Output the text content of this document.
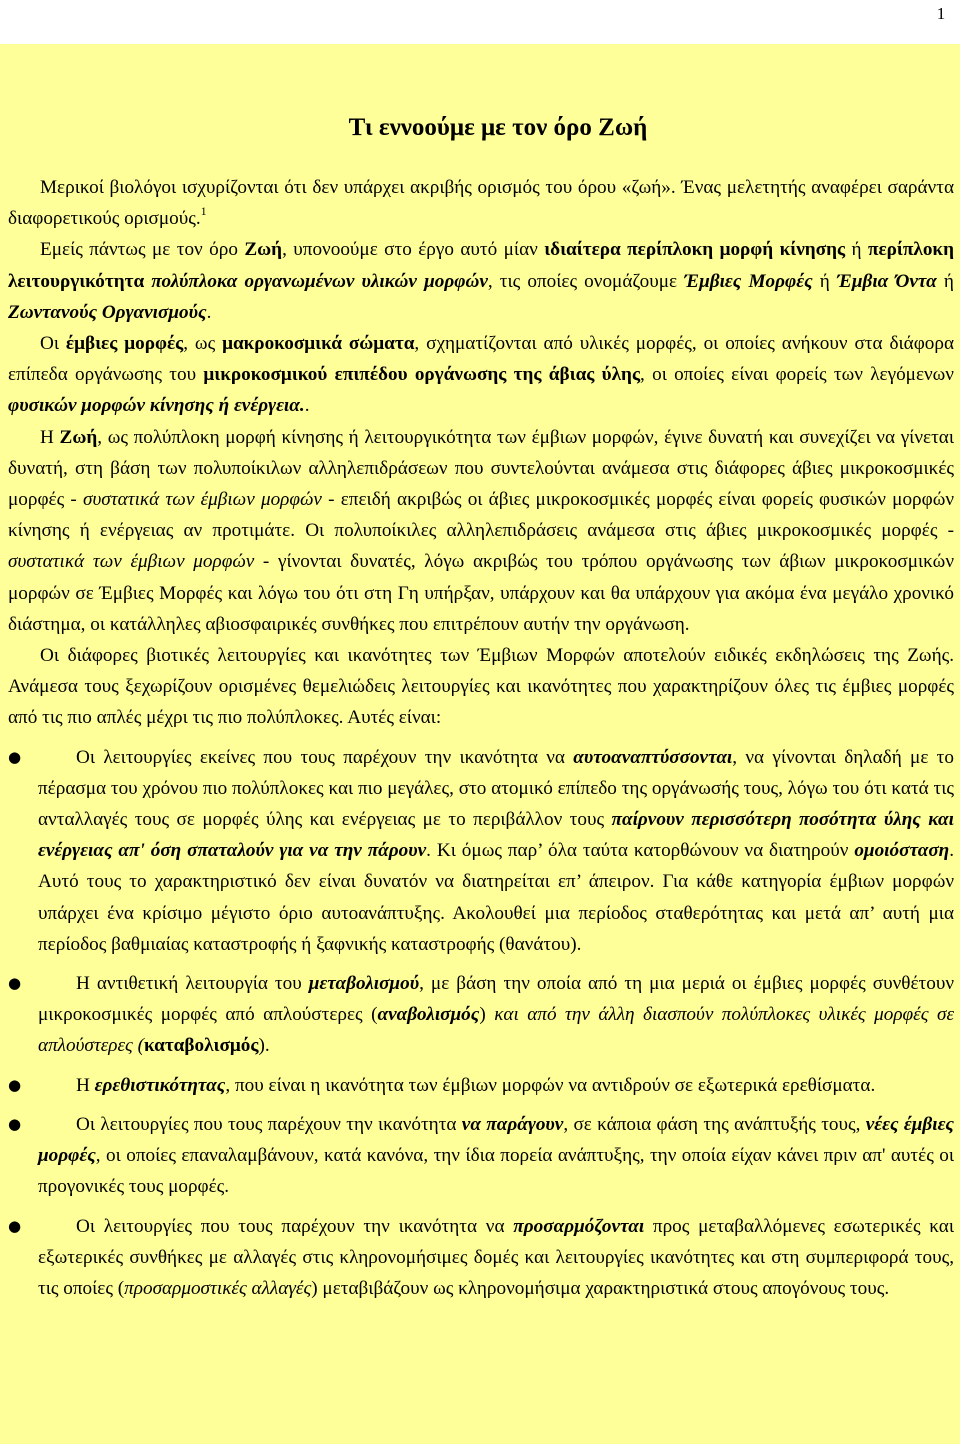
1
Τι εννοούμε με τον όρο Ζωή

Μερικοί βιολόγοι ισχυρίζονται ότι δεν υπάρχει ακριβής ορισμός του όρου «ζωή». Ένας μελετητής αναφέρει σαράντα διαφορετικούς ορισμούς.$^1$

Εμείς πάντως με τον όρο Ζωή, υπονοούμε στο έργο αυτό μίαν ιδιαίτερα περίπλοκη μορφή κίνησης ή περίπλοκη λειτουργικότητα πολύπλοκα οργανωμένων υλικών μορφών, τις οποίες ονομάζουμε Έμβιες Μορφές ή Έμβια Όντα ή Ζωντανούς Οργανισμούς.

Οι έμβιες μορφές, ως μακροκοσμικά σώματα, σχηματίζονται από υλικές μορφές, οι οποίες ανήκουν στα διάφορα επίπεδα οργάνωσης του μικροκοσμικού επιπέδου οργάνωσης της άβιας ύλης, οι οποίες είναι φορείς των λεγόμενων φυσικών μορφών κίνησης ή ενέργεια..

Η Ζωή, ως πολύπλοκη μορφή κίνησης ή λειτουργικότητα των έμβιων μορφών, έγινε δυνατή και συνεχίζει να γίνεται δυνατή, στη βάση των πολυποίκιλων αλληλεπιδράσεων που συντελούνται ανάμεσα στις διάφορες άβιες μικροκοσμικές μορφές - συστατικά των έμβιων μορφών - επειδή ακριβώς οι άβιες μικροκοσμικές μορφές είναι φορείς φυσικών μορφών κίνησης ή ενέργειας αν προτιμάτε. Οι πολυποίκιλες αλληλεπιδράσεις ανάμεσα στις άβιες μικροκοσμικές μορφές - συστατικά των έμβιων μορφών - γίνονται δυνατές, λόγω ακριβώς του τρόπου οργάνωσης των άβιων μικροκοσμικών μορφών σε Έμβιες Μορφές και λόγω του ότι στη Γη υπήρξαν, υπάρχουν και θα υπάρχουν για ακόμα ένα μεγάλο χρονικό διάστημα, οι κατάλληλες αβιοσφαιρικές συνθήκες που επιτρέπουν αυτήν την οργάνωση.

Οι διάφορες βιοτικές λειτουργίες και ικανότητες των Έμβιων Μορφών αποτελούν ειδικές εκδηλώσεις της Ζωής. Ανάμεσα τους ξεχωρίζουν ορισμένες θεμελιώδεις λειτουργίες και ικανότητες που χαρακτηρίζουν όλες τις έμβιες μορφές από τις πιο απλές μέχρι τις πιο πολύπλοκες. Αυτές είναι:

●	Οι λειτουργίες εκείνες που τους παρέχουν την ικανότητα να αυτοαναπτύσσονται, να γίνονται δηλαδή με το πέρασμα του χρόνου πιο πολύπλοκες και πιο μεγάλες, στο ατομικό επίπεδο της οργάνωσής τους, λόγω του ότι κατά τις ανταλλαγές τους σε μορφές ύλης και ενέργειας με το περιβάλλον τους παίρνουν περισσότερη ποσότητα ύλης και ενέργειας απ' όση σπαταλούν για να την πάρουν. Κι όμως παρ’ όλα ταύτα κατορθώνουν να διατηρούν ομοιόσταση. Αυτό τους το χαρακτηριστικό δεν είναι δυνατόν να διατηρείται επ’ άπειρον. Για κάθε κατηγορία έμβιων μορφών υπάρχει ένα κρίσιμο μέγιστο όριο αυτοανάπτυξης. Ακολουθεί μια περίοδος σταθερότητας και μετά απ’ αυτή μια περίοδος βαθμιαίας καταστροφής ή ξαφνικής καταστροφής (θανάτου).
●	Η αντιθετική λειτουργία του μεταβολισμού, με βάση την οποία από τη μια μεριά οι έμβιες μορφές συνθέτουν μικροκοσμικές μορφές από απλούστερες (αναβολισμός) και από την άλλη διασπούν πολύπλοκες υλικές μορφές σε απλούστερες (καταβολισμός).
●	Η ερεθιστικότητας, που είναι η ικανότητα των έμβιων μορφών να αντιδρούν σε εξωτερικά ερεθίσματα.
●	Οι λειτουργίες που τους παρέχουν την ικανότητα να παράγουν, σε κάποια φάση της ανάπτυξής τους, νέες έμβιες μορφές, οι οποίες επαναλαμβάνουν, κατά κανόνα, την ίδια πορεία ανάπτυξης, την οποία είχαν κάνει πριν απ' αυτές οι προγονικές τους μορφές.
●	Οι λειτουργίες που τους παρέχουν την ικανότητα να προσαρμόζονται προς μεταβαλλόμενες εσωτερικές και εξωτερικές συνθήκες με αλλαγές στις κληρονομήσιμες δομές και λειτουργίες ικανότητες και στη συμπεριφορά τους, τις οποίες (προσαρμοστικές αλλαγές) μεταβιβάζουν ως κληρονομήσιμα χαρακτηριστικά στους απογόνους τους.
